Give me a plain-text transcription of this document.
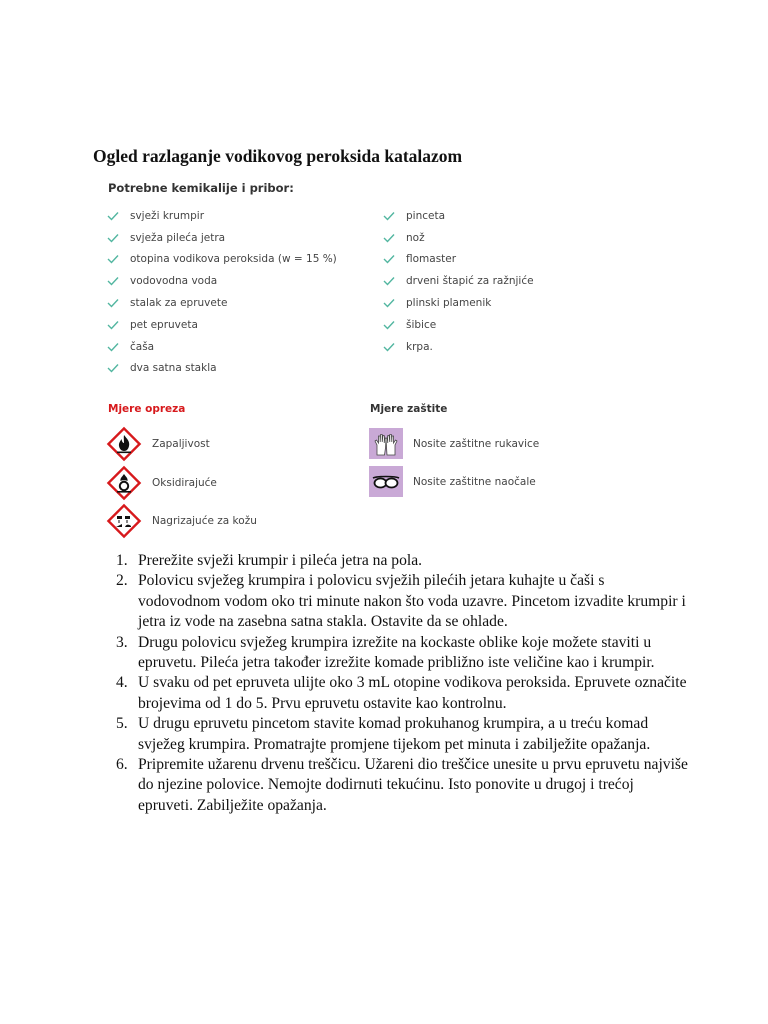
Ogled razlaganje vodikovog peroksida katalazom
Potrebne kemikalije i pribor:
svježi krumpir
svježa pileća jetra
otopina vodikova peroksida (w = 15 %)
vodovodna voda
stalak za epruvete
pet epruveta
čaša
dva satna stakla
pinceta
nož
flomaster
drveni štapić za ražnjiće
plinski plamenik
šibice
krpa.
Mjere opreza	Mjere zaštite
Zapaljivost
Oksidirajuće
Nagrizajuće za kožu
Nosite zaštitne rukavice
Nosite zaštitne naočale
1. Prerežite svježi krumpir i pileća jetra na pola.
2. Polovicu svježeg krumpira i polovicu svježih pilećih jetara kuhajte u čaši s vodovodnom vodom oko tri minute nakon što voda uzavre. Pincetom izvadite krumpir i jetra iz vode na zasebna satna stakla. Ostavite da se ohlade.
3. Drugu polovicu svježeg krumpira izrežite na kockaste oblike koje možete staviti u epruvetu. Pileća jetra također izrežite komade približno iste veličine kao i krumpir.
4. U svaku od pet epruveta ulijte oko 3 mL otopine vodikova peroksida. Epruvete označite brojevima od 1 do 5. Prvu epruvetu ostavite kao kontrolnu.
5. U drugu epruvetu pincetom stavite komad prokuhanog krumpira, a u treću komad svježeg krumpira. Promatrajte promjene tijekom pet minuta i zabilježite opažanja.
6. Pripremite užarenu drvenu treščicu. Užareni dio treščice unesite u prvu epruvetu najviše do njezine polovice. Nemojte dodirnuti tekućinu. Isto ponovite u drugoj i trećoj epruveti. Zabilježite opažanja.
